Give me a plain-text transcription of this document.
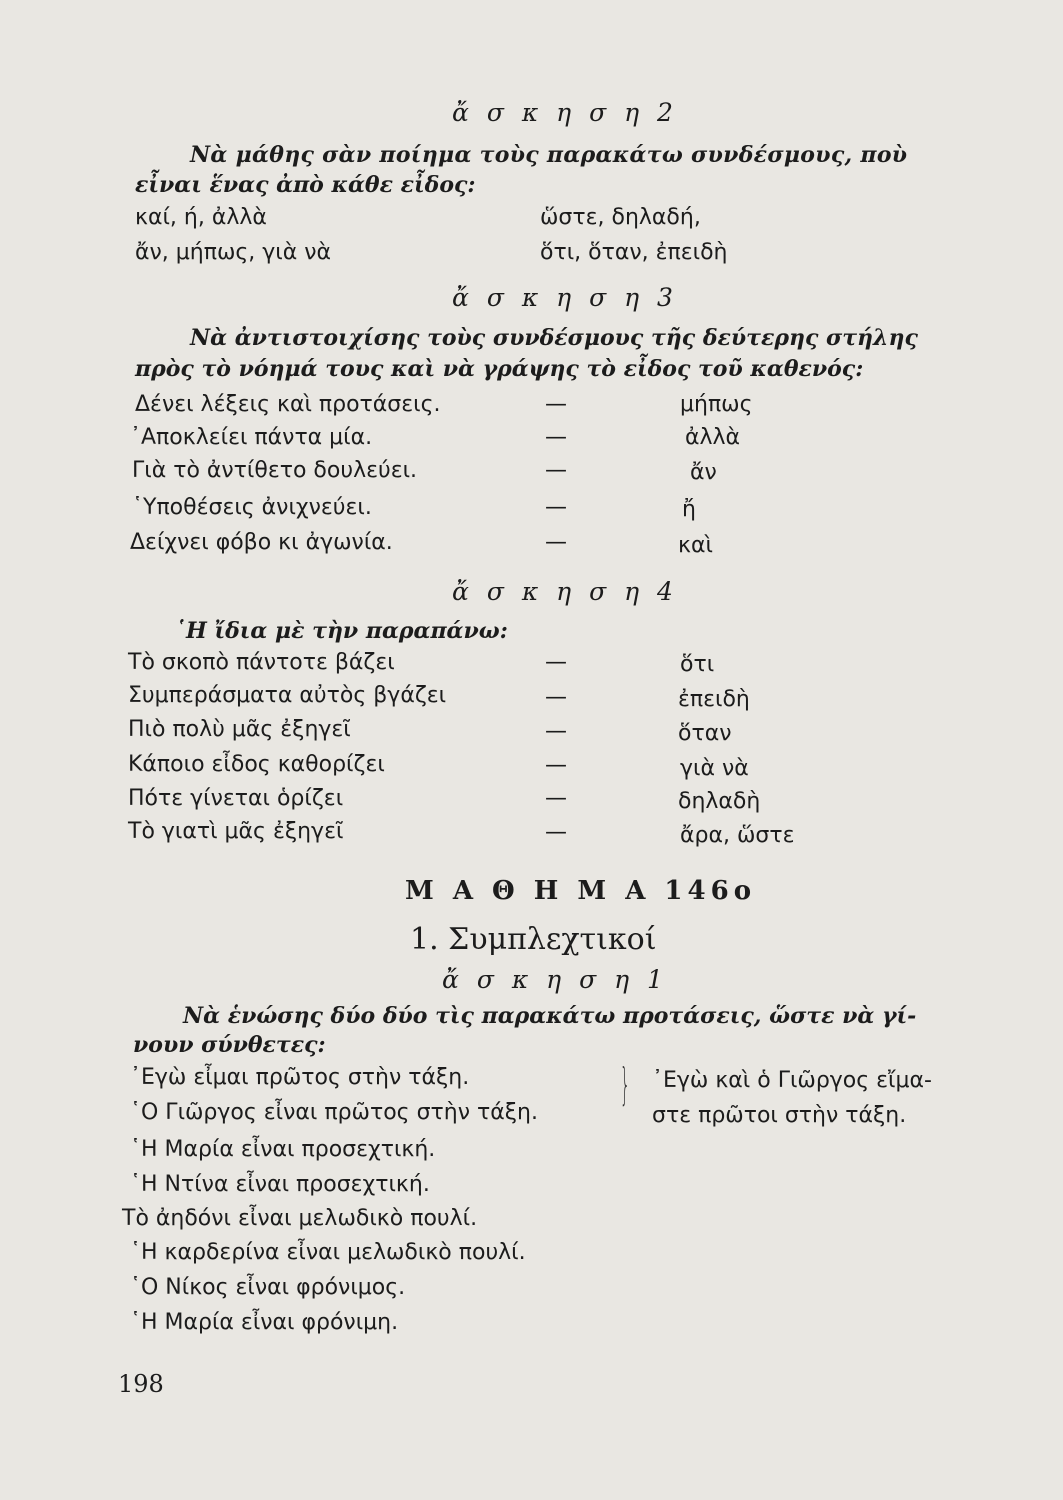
ἄ σ κ η σ η 2
Νὰ μάθης σὰν ποίημα τοὺς παρακάτω συνδέσμους, ποὺ
εἶναι ἕνας ἀπὸ κάθε εἶδος:
καί, ή, ἀλλὰ	ὥστε, δηλαδή,
ἄν, μήπως, γιὰ νὰ	ὅτι, ὅταν, ἐπειδὴ
ἄ σ κ η σ η 3
Νὰ ἀντιστοιχίσης τοὺς συνδέσμους τῆς δεύτερης στήλης
πρὸς τὸ νόημά τους καὶ νὰ γράψης τὸ εἶδος τοῦ καθενός:
Δένει λέξεις καὶ προτάσεις.	—	μήπως
᾿Αποκλείει πάντα μία.	—	ἀλλὰ
Γιὰ τὸ ἀντίθετο δουλεύει.	—	ἄν
῾Υποθέσεις ἀνιχνεύει.	—	ἤ
Δείχνει φόβο κι ἀγωνία.	—	καὶ
ἄ σ κ η σ η 4
῾Η ἴδια μὲ τὴν παραπάνω:
Τὸ σκοπὸ πάντοτε βάζει	—	ὅτι
Συμπεράσματα αὐτὸς βγάζει	—	ἐπειδὴ
Πιὸ πολὺ μᾶς ἐξηγεῖ	—	ὅταν
Κάποιο εἶδος καθορίζει	—	γιὰ νὰ
Πότε γίνεται ὁρίζει	—	δηλαδὴ
Τὸ γιατὶ μᾶς ἐξηγεῖ	—	ἄρα, ὥστε
Μ Α Θ Η Μ Α 146ο
1. Συμπλεχτικοί
ἄ σ κ η σ η 1
Νὰ ἑνώσης δύο δύο τὶς παρακάτω προτάσεις, ὥστε νὰ γί-
νουν σύνθετες:
᾿Εγὼ εἶμαι πρῶτος στὴν τάξη.
῾Ο Γιῶργος εἶναι πρῶτος στὴν τάξη.
} ᾿Εγὼ καὶ ὁ Γιῶργος εἴμα-
στε πρῶτοι στὴν τάξη.
῾Η Μαρία εἶναι προσεχτική.
῾Η Ντίνα εἶναι προσεχτική.
Τὸ ἀηδόνι εἶναι μελωδικὸ πουλί.
῾Η καρδερίνα εἶναι μελωδικὸ πουλί.
῾Ο Νίκος εἶναι φρόνιμος.
῾Η Μαρία εἶναι φρόνιμη.
198
